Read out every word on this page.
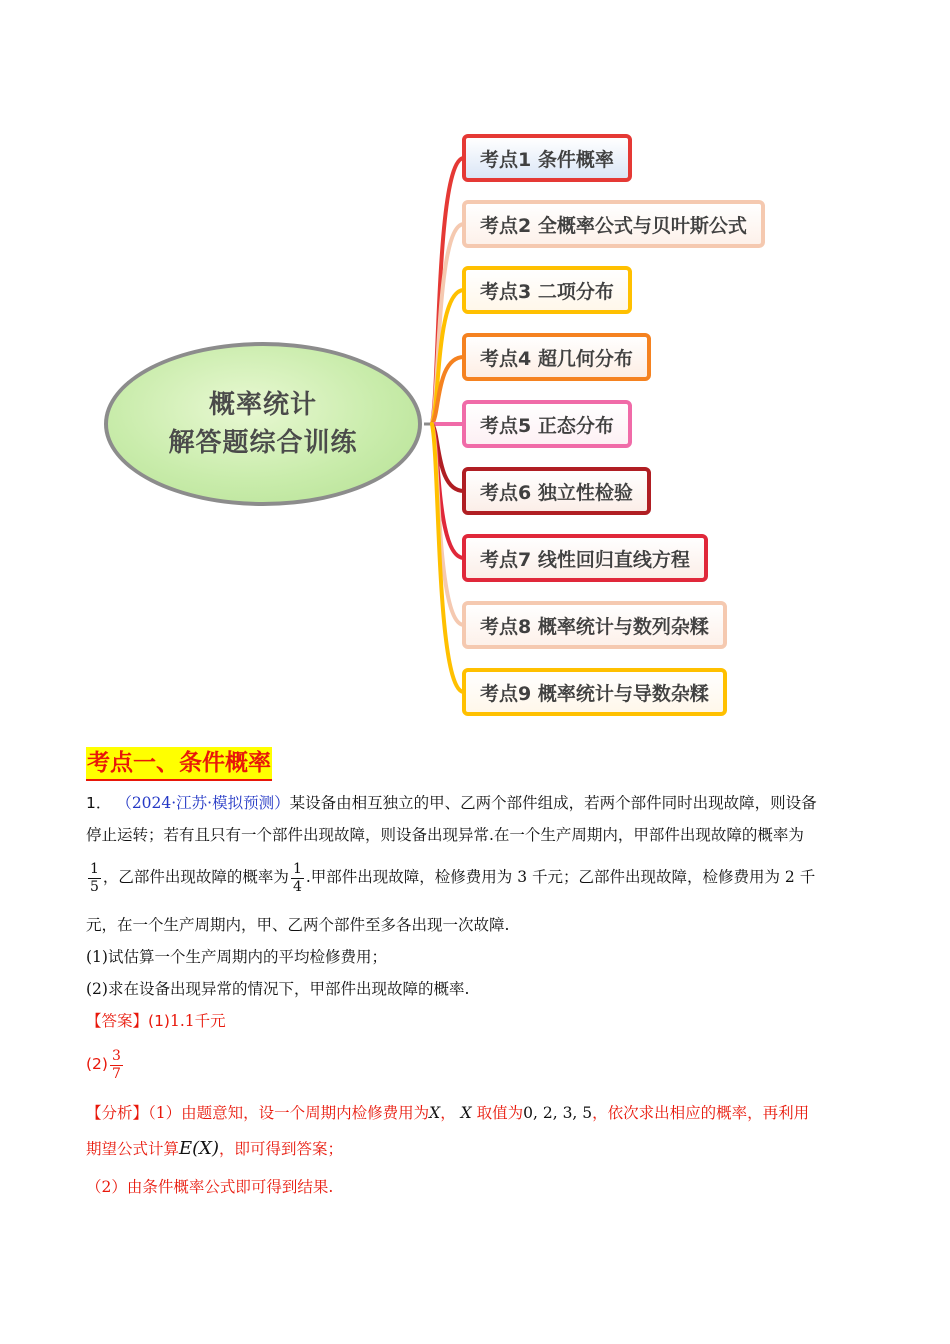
概率统计
解答题综合训练
考点1 条件概率
考点2 全概率公式与贝叶斯公式
考点3 二项分布
考点4 超几何分布
考点5 正态分布
考点6 独立性检验
考点7 线性回归直线方程
考点8 概率统计与数列杂糅
考点9 概率统计与导数杂糅
考点一、条件概率
1． （2024·江苏·模拟预测）某设备由相互独立的甲、乙两个部件组成，若两个部件同时出现故障，则设备
停止运转；若有且只有一个部件出现故障，则设备出现异常.在一个生产周期内，甲部件出现故障的概率为
$\frac{1}{5}$ ，乙部件出现故障的概率为 $\frac{1}{4}$ .甲部件出现故障，检修费用为 3 千元；乙部件出现故障，检修费用为 2 千
元，在一个生产周期内，甲、乙两个部件至多各出现一次故障.
(1)试估算一个生产周期内的平均检修费用；
(2)求在设备出现异常的情况下，甲部件出现故障的概率.
【答案】(1)1.1千元
$(2) \frac{3}{7}$
【分析】（1）由题意知，设一个周期内检修费用为X， X 取值为0, 2, 3, 5，依次求出相应的概率，再利用
期望公式计算E(X)，即可得到答案；
（2）由条件概率公式即可得到结果.
